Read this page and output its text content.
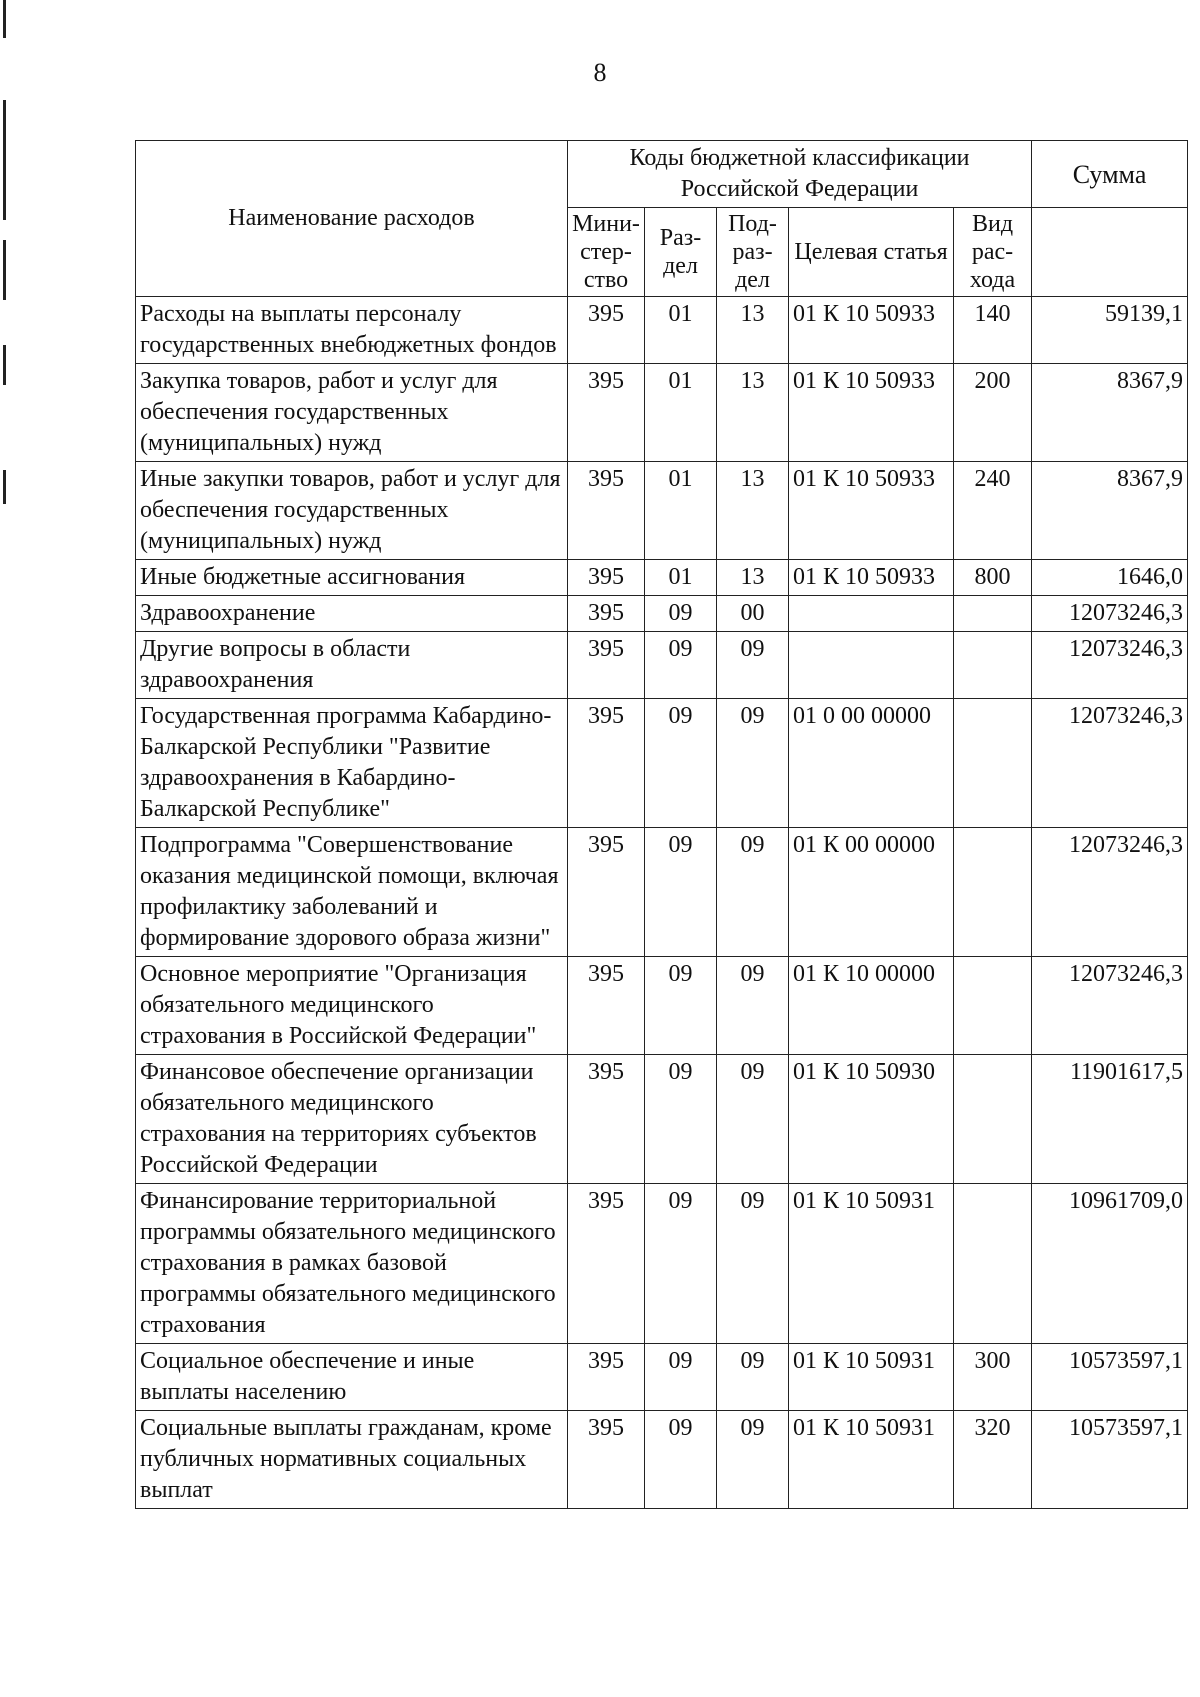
8
Наименование расходов	Коды бюджетной классификации Российской Федерации					Сумма
	Мини-стер-ство	Раз-дел	Под-раз-дел	Целевая статья	Вид рас-хода	
Расходы на выплаты персоналу государственных внебюджетных фондов	395	01	13	01 К 10 50933	140	59139,1
Закупка товаров, работ и услуг для обеспечения государственных (муниципальных) нужд	395	01	13	01 К 10 50933	200	8367,9
Иные закупки товаров, работ и услуг для обеспечения государственных (муниципальных) нужд	395	01	13	01 К 10 50933	240	8367,9
Иные бюджетные ассигнования	395	01	13	01 К 10 50933	800	1646,0
Здравоохранение	395	09	00			12073246,3
Другие вопросы в области здравоохранения	395	09	09			12073246,3
Государственная программа Кабардино-Балкарской Республики "Развитие здравоохранения в Кабардино-Балкарской Республике"	395	09	09	01 0 00 00000		12073246,3
Подпрограмма "Совершенствование оказания медицинской помощи, включая профилактику заболеваний и формирование здорового образа жизни"	395	09	09	01 К 00 00000		12073246,3
Основное мероприятие "Организация обязательного медицинского страхования в Российской Федерации"	395	09	09	01 К 10 00000		12073246,3
Финансовое обеспечение организации обязательного медицинского страхования на территориях субъектов Российской Федерации	395	09	09	01 К 10 50930		11901617,5
Финансирование территориальной программы обязательного медицинского страхования в рамках базовой программы обязательного медицинского страхования	395	09	09	01 К 10 50931		10961709,0
Социальное обеспечение и иные выплаты населению	395	09	09	01 К 10 50931	300	10573597,1
Социальные выплаты гражданам, кроме публичных нормативных социальных выплат	395	09	09	01 К 10 50931	320	10573597,1
